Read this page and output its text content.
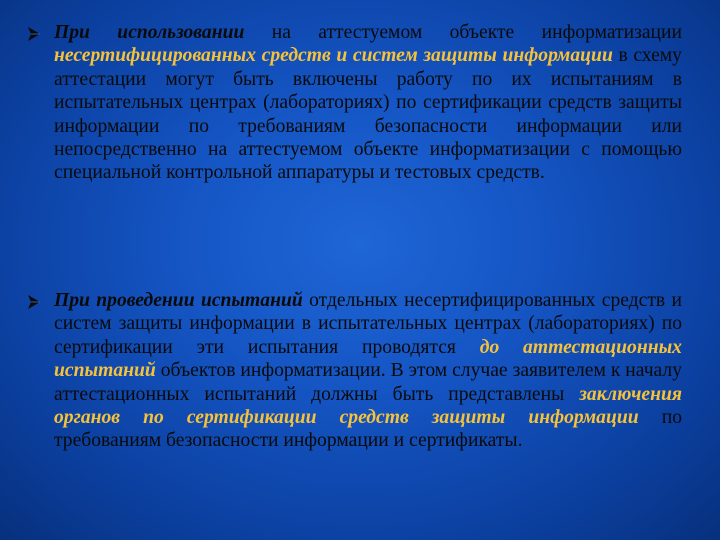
При использовании на аттестуемом объекте информатизации несертифицированных средств и систем защиты информации в схему аттестации могут быть включены работу по их испытаниям в испытательных центрах (лабораториях) по сертификации средств защиты информации по требованиям безопасности информации или непосредственно на аттестуемом объекте информатизации с помощью специальной контрольной аппаратуры и тестовых средств.
При проведении испытаний отдельных несертифицированных средств и систем защиты информации в испытательных центрах (лабораториях) по сертификации эти испытания проводятся до аттестационных испытаний объектов информатизации. В этом случае заявителем к началу аттестационных испытаний должны быть представлены заключения органов по сертификации средств защиты информации по требованиям безопасности информации и сертификаты.
